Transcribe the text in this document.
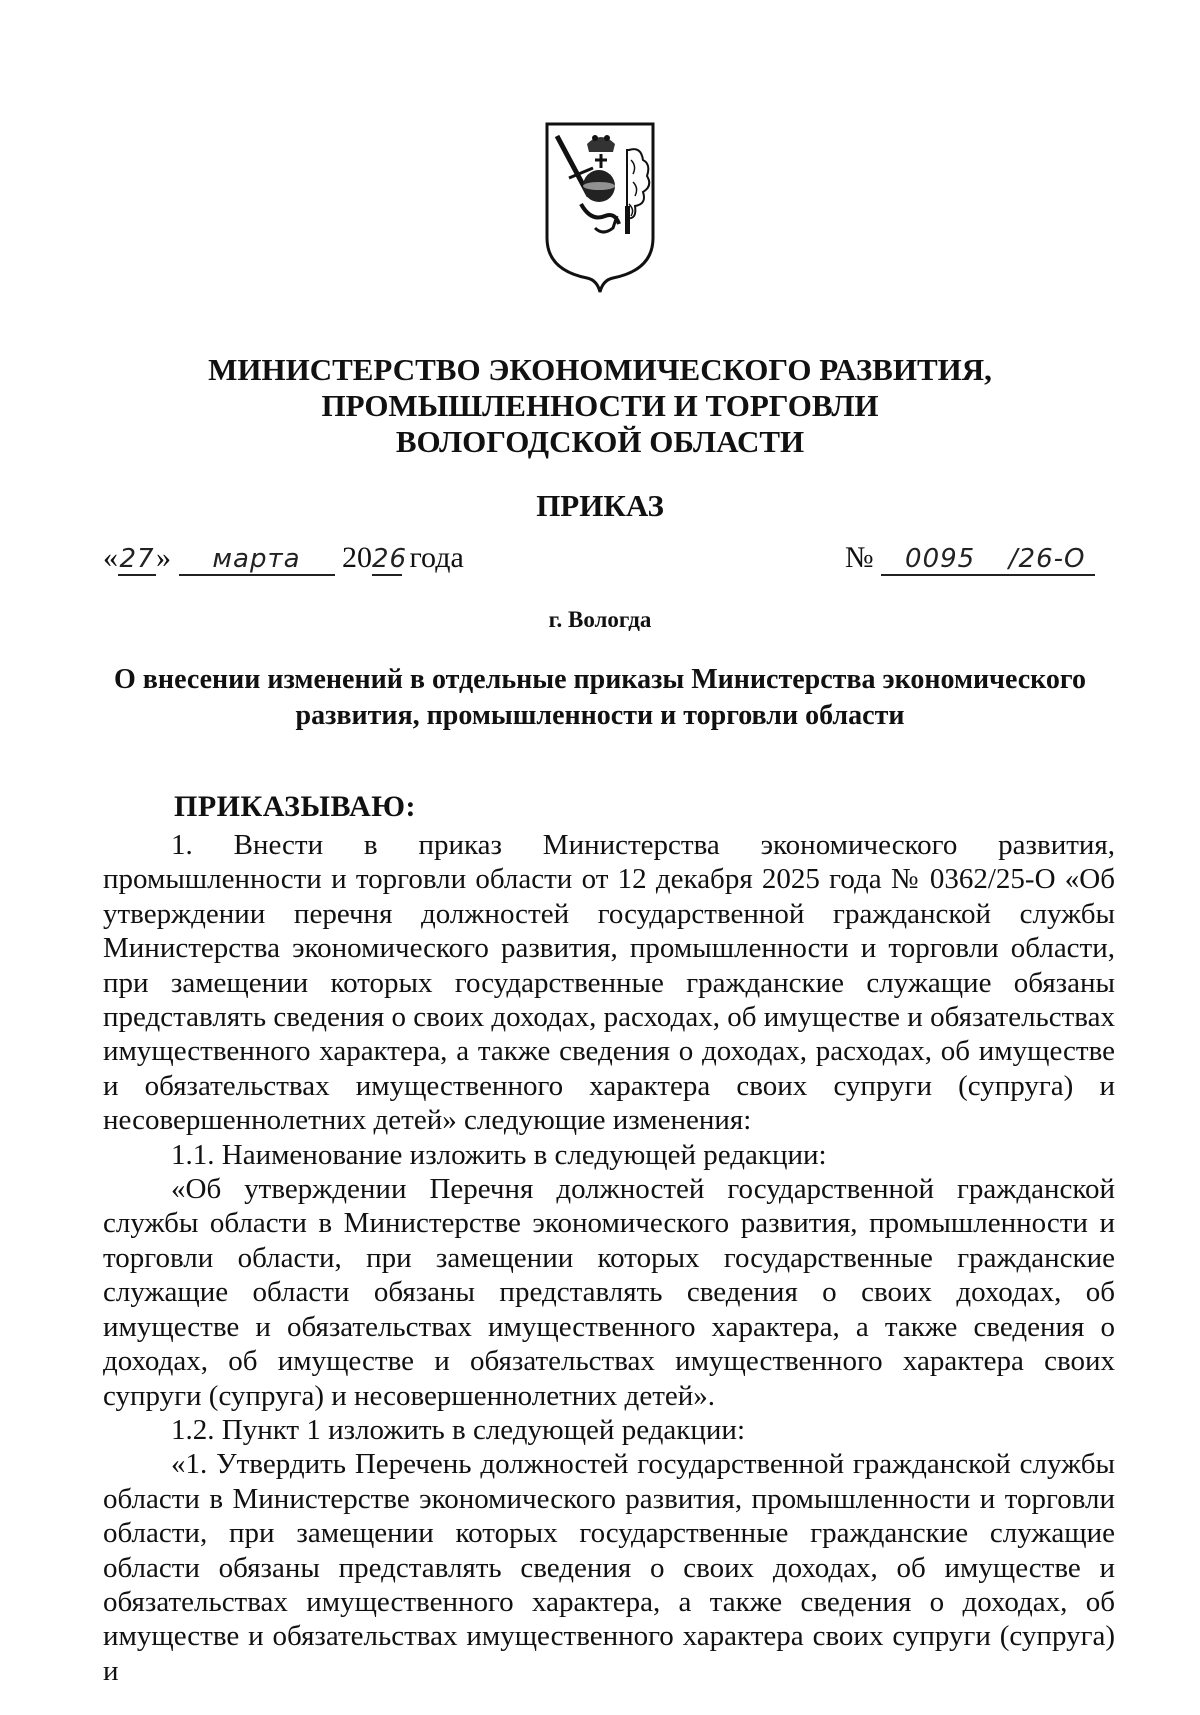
МИНИСТЕРСТВО ЭКОНОМИЧЕСКОГО РАЗВИТИЯ,
ПРОМЫШЛЕННОСТИ И ТОРГОВЛИ
ВОЛОГОДСКОЙ ОБЛАСТИ
ПРИКАЗ
«27» марта 2026 года	№ 0095 /26-О
г. Вологда
О внесении изменений в отдельные приказы Министерства экономического
развития, промышленности и торговли области
ПРИКАЗЫВАЮ:

1. Внести в приказ Министерства экономического развития, промышленности и торговли области от 12 декабря 2025 года № 0362/25-О «Об утверждении перечня должностей государственной гражданской службы Министерства экономического развития, промышленности и торговли области, при замещении которых государственные гражданские служащие обязаны представлять сведения о своих доходах, расходах, об имуществе и обязательствах имущественного характера, а также сведения о доходах, расходах, об имуществе и обязательствах имущественного характера своих супруги (супруга) и несовершеннолетних детей» следующие изменения:

1.1. Наименование изложить в следующей редакции:

«Об утверждении Перечня должностей государственной гражданской службы области в Министерстве экономического развития, промышленности и торговли области, при замещении которых государственные гражданские служащие области обязаны представлять сведения о своих доходах, об имуществе и обязательствах имущественного характера, а также сведения о доходах, об имуществе и обязательствах имущественного характера своих супруги (супруга) и несовершеннолетних детей».

1.2. Пункт 1 изложить в следующей редакции:

«1. Утвердить Перечень должностей государственной гражданской службы области в Министерстве экономического развития, промышленности и торговли области, при замещении которых государственные гражданские служащие области обязаны представлять сведения о своих доходах, об имуществе и обязательствах имущественного характера, а также сведения о доходах, об имуществе и обязательствах имущественного характера своих супруги (супруга) и
